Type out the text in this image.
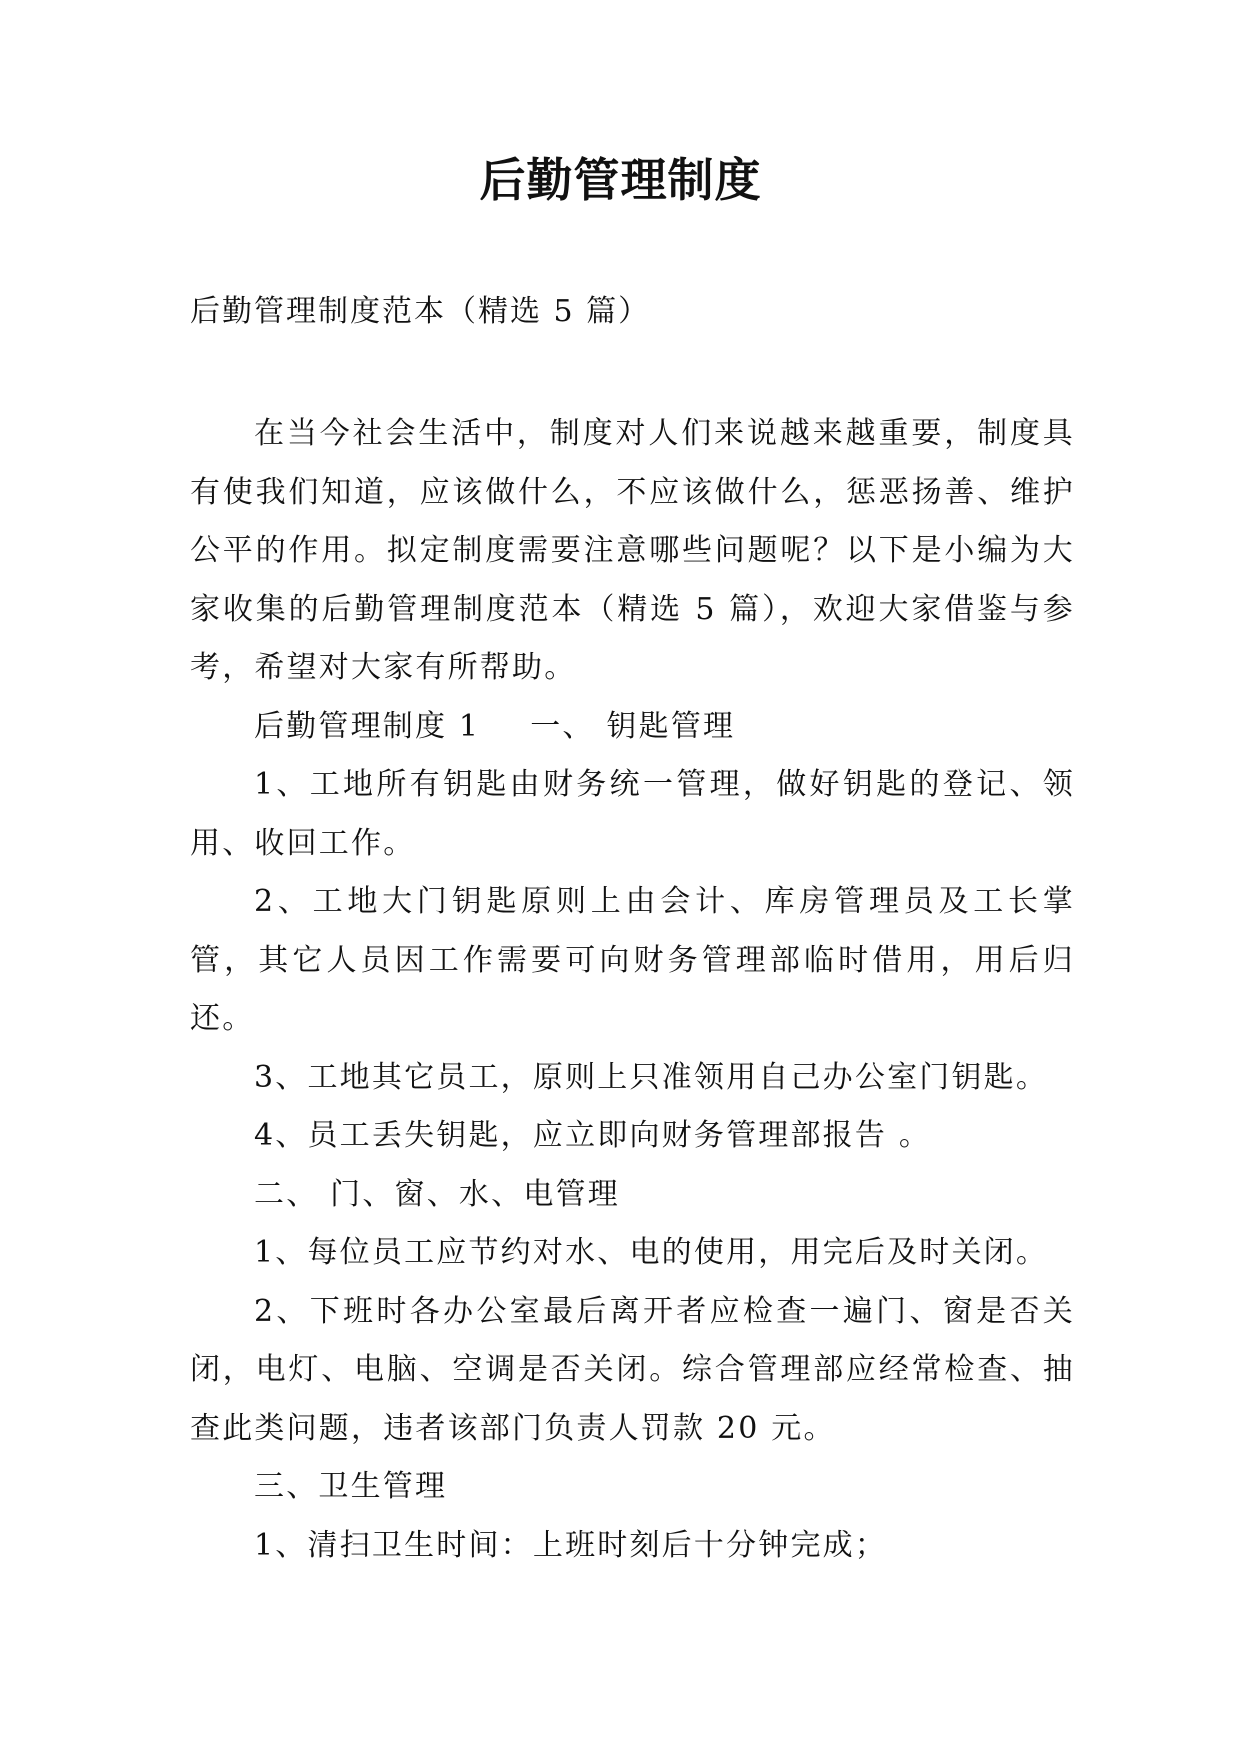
后勤管理制度
后勤管理制度范本（精选 5 篇）

在当今社会生活中，制度对人们来说越来越重要，制度具有使我们知道，应该做什么，不应该做什么，惩恶扬善、维护公平的作用。拟定制度需要注意哪些问题呢？以下是小编为大家收集的后勤管理制度范本（精选 5 篇），欢迎大家借鉴与参考，希望对大家有所帮助。

后勤管理制度 1 一、 钥匙管理

1、工地所有钥匙由财务统一管理，做好钥匙的登记、领用、收回工作。

2、工地大门钥匙原则上由会计、库房管理员及工长掌管，其它人员因工作需要可向财务管理部临时借用，用后归还。

3、工地其它员工，原则上只准领用自己办公室门钥匙。

4、员工丢失钥匙，应立即向财务管理部报告 。

二、 门、窗、水、电管理

1、每位员工应节约对水、电的使用，用完后及时关闭。

2、下班时各办公室最后离开者应检查一遍门、窗是否关闭，电灯、电脑、空调是否关闭。综合管理部应经常检查、抽查此类问题，违者该部门负责人罚款 20 元。

三、卫生管理

1、清扫卫生时间：上班时刻后十分钟完成；
